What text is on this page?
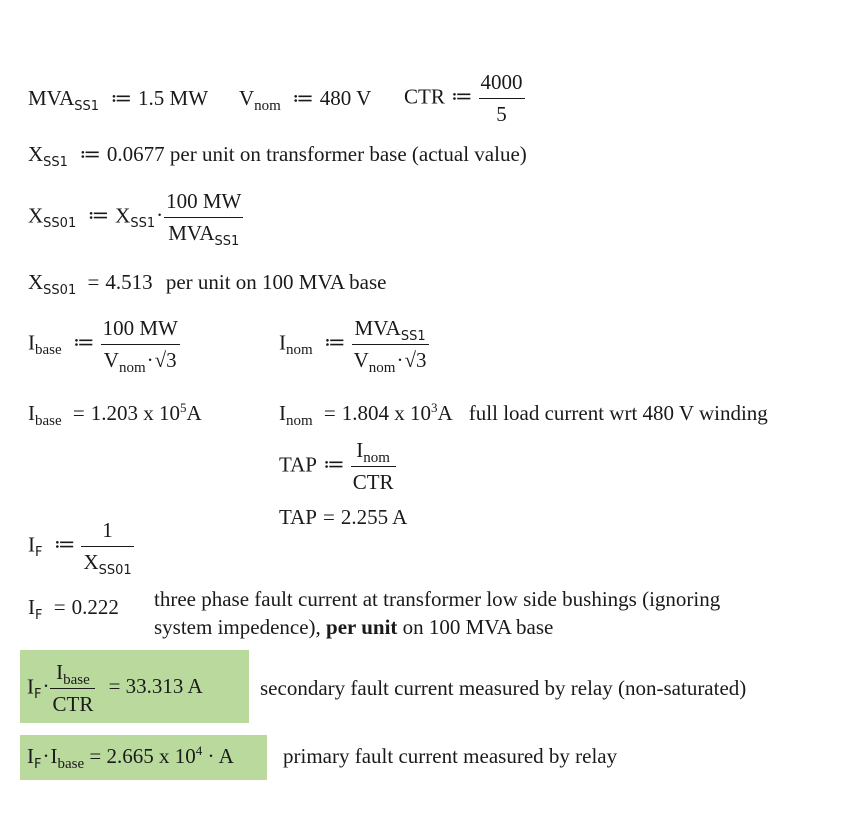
$MVA_{SS1}$ ≔ 1.5 MW $V_{nom}$ ≔ 480 V CTR ≔ $\frac{4000}{5}$
$X_{SS1}$ ≔ 0.0677 per unit on transformer base (actual value)
$X_{SS01}$ ≔ $X_{SS1}\cdot \frac{100 MW}{MVA_{SS1}}$
$X_{SS01} = 4.513$ per unit on 100 MVA base
$I_{base}$ ≔ $\frac{100 MW}{V_{nom}\cdot√3}$	$I_{nom}$ ≔ $\frac{MVA_{SS1}}{V_{nom}\cdot√3}$
$I_{base} = 1.203$ x $10^5A$	$I_{nom} = 1.804$ x $10^3A$ full load current wrt 480 V winding
TAP ≔ $\frac{I_{nom}}{\text{CTR}}$
TAP = 2.255 A
$I_F$ ≔ $\frac{1}{X_{SS01}}$
$I_F = 0.222$ three phase fault current at transformer low side bushings (ignoring
system impedence), per unit on 100 MVA base
$I_F\cdot \frac{I_{base}}{\text{CTR}} = 33.313$ A	secondary fault current measured by relay (non-saturated)
$I_F\cdot I_{base} = 2.665$ x $10^4 \cdot A$ primary fault current measured by relay
